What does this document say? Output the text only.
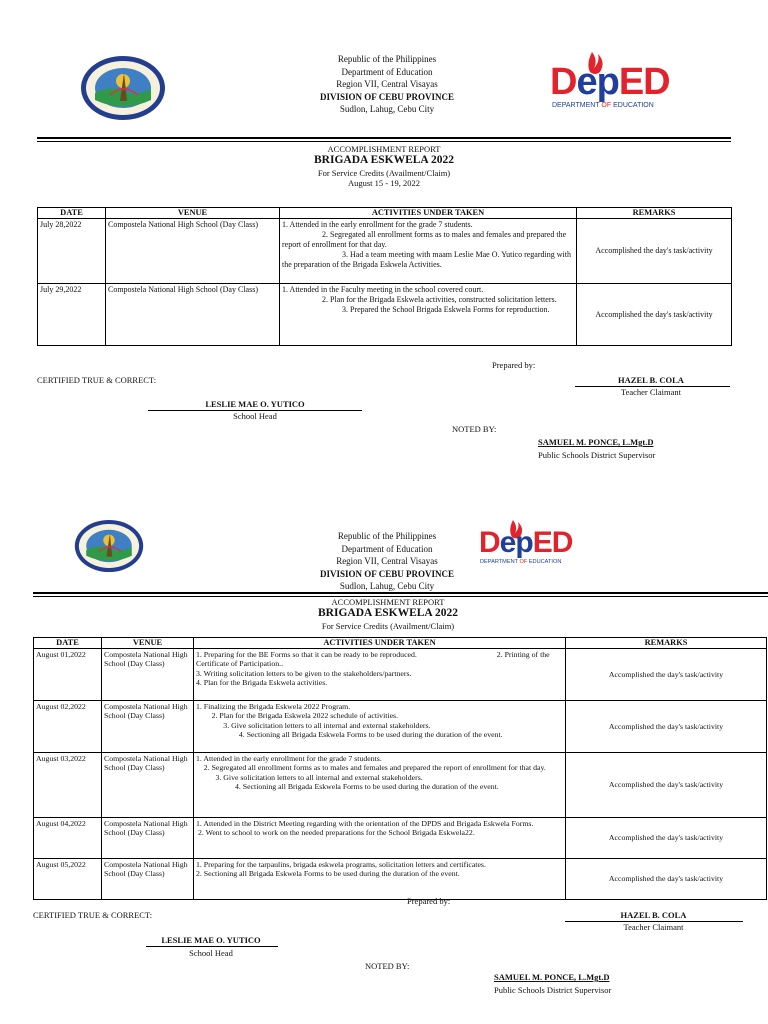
Republic of the Philippines
Department of Education
Region VII, Central Visayas
DIVISION OF CEBU PROVINCE
Sudlon, Lahug, Cebu City
DepED
DEPARTMENT OF EDUCATION
ACCOMPLISHMENT REPORT
BRIGADA ESKWELA 2022
For Service Credits (Availment/Claim)
August 15 - 19, 2022
DATE	VENUE	ACTIVITIES UNDER TAKEN	REMARKS
July 28,2022	Compostela National High School (Day Class)	1. Attended in the early enrollment for the grade 7 students.
2. Segregated all enrollment forms as to males and females and prepared the report of enrollment for that day.
3. Had a team meeting with maam Leslie Mae O. Yutico regarding with the preparation of the Brigada Eskwela Activities.	Accomplished the day's task/activity
July 29,2022	Compostela National High School (Day Class)	1. Attended in the Faculty meeting in the school covered court.
2. Plan for the Brigada Eskwela activities, constructed solicitation letters.
3. Prepared the School Brigada Eskwela Forms for reproduction.	Accomplished the day's task/activity
Prepared by:
CERTIFIED TRUE & CORRECT:	HAZEL B. COLA
Teacher Claimant
LESLIE MAE O. YUTICO
School Head
NOTED BY:
SAMUEL M. PONCE, L.Mgt.D
Public Schools District Supervisor
Republic of the Philippines
Department of Education
Region VII, Central Visayas
DIVISION OF CEBU PROVINCE
Sudlon, Lahug, Cebu City
DepED
DEPARTMENT OF EDUCATION
ACCOMPLISHMENT REPORT
BRIGADA ESKWELA 2022
For Service Credits (Availment/Claim)
DATE	VENUE	ACTIVITIES UNDER TAKEN	REMARKS
August 01,2022	Compostela National High School (Day Class)	1. Preparing for the BE Forms so that it can be ready to be reproduced.                                         2. Printing of the Certificate of Participation..
3. Writing solicitation letters to be given to the stakeholders/partners.
4. Plan for the Brigada Eskwela activities.	Accomplished the day's task/activity
August 02,2022	Compostela National High School (Day Class)	1. Finalizing the Brigada Eskwela 2022 Program.
2. Plan for the Brigada Eskwela 2022 schedule of activities.
3. Give solicitation letters to all internal and external stakeholders.
4. Sectioning all Brigada Eskwela Forms to be used during the duration of the event.	Accomplished the day's task/activity
August 03,2022	Compostela National High School (Day Class)	1. Attended in the early enrollment for the grade 7 students.
2. Segregated all enrollment forms as to males and females and prepared the report of enrollment for that day.
3. Give solicitation letters to all internal and external stakeholders.
4. Sectioning all Brigada Eskwela Forms to be used during the duration of the event.	Accomplished the day's task/activity
August 04,2022	Compostela National High School (Day Class)	1. Attended in the District Meeting regarding with the orientation of the DPDS and Brigada Eskwela Forms.
2. Went to school to work on the needed preparations for the School Brigada Eskwela22.	Accomplished the day's task/activity
August 05,2022	Compostela National High School (Day Class)	1. Preparing for the tarpaulins, brigada eskwela programs, solicitation letters and certificates.                                                                                                                                    2. Sectioning all Brigada Eskwela Forms to be used during the duration of the event.	Accomplished the day's task/activity
Prepared by:
CERTIFIED TRUE & CORRECT:	HAZEL B. COLA
Teacher Claimant
LESLIE MAE O. YUTICO
School Head
NOTED BY:
SAMUEL M. PONCE, L.Mgt.D
Public Schools District Supervisor
